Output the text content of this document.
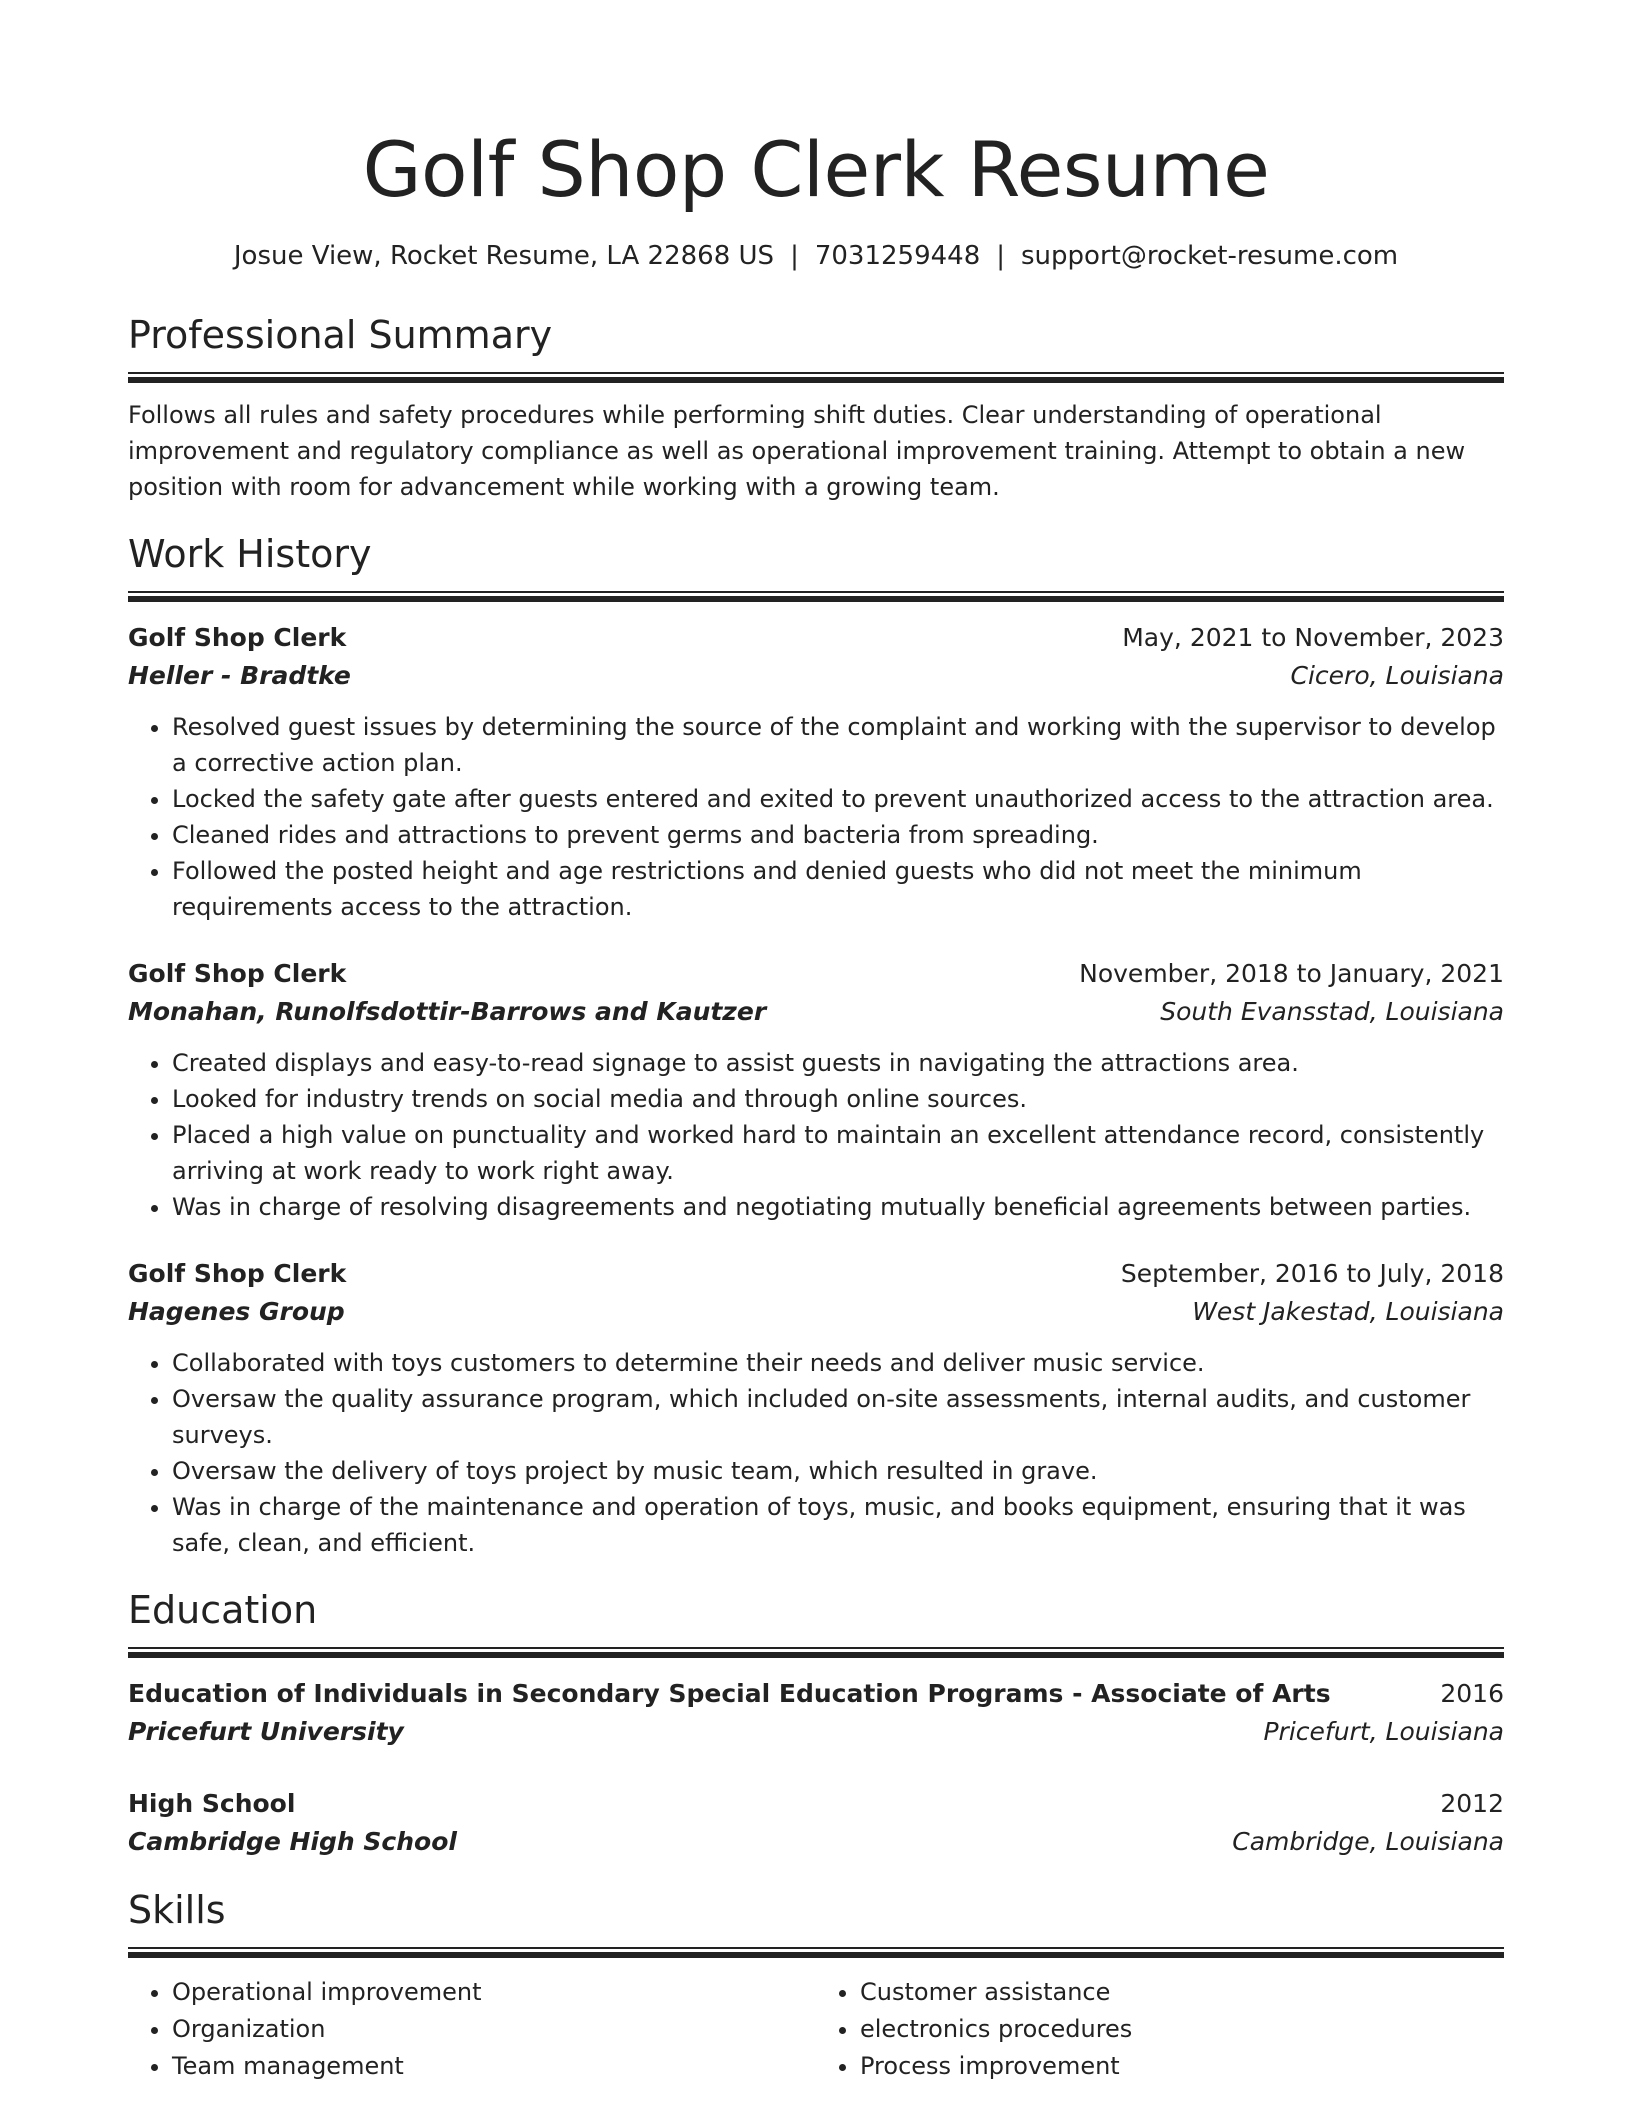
Golf Shop Clerk Resume
Josue View, Rocket Resume, LA 22868 US | 7031259448 | support@rocket-resume.com
Professional Summary

Follows all rules and safety procedures while performing shift duties. Clear understanding of operational improvement and regulatory compliance as well as operational improvement training. Attempt to obtain a new position with room for advancement while working with a growing team.

Work History
Golf Shop Clerk	May, 2021 to November, 2023
Heller - Bradtke	Cicero, Louisiana
• Resolved guest issues by determining the source of the complaint and working with the supervisor to develop a corrective action plan.
• Locked the safety gate after guests entered and exited to prevent unauthorized access to the attraction area.
• Cleaned rides and attractions to prevent germs and bacteria from spreading.
• Followed the posted height and age restrictions and denied guests who did not meet the minimum requirements access to the attraction.
Golf Shop Clerk	November, 2018 to January, 2021
Monahan, Runolfsdottir-Barrows and Kautzer	South Evansstad, Louisiana
• Created displays and easy-to-read signage to assist guests in navigating the attractions area.
• Looked for industry trends on social media and through online sources.
• Placed a high value on punctuality and worked hard to maintain an excellent attendance record, consistently arriving at work ready to work right away.
• Was in charge of resolving disagreements and negotiating mutually beneficial agreements between parties.
Golf Shop Clerk	September, 2016 to July, 2018
Hagenes Group	West Jakestad, Louisiana
• Collaborated with toys customers to determine their needs and deliver music service.
• Oversaw the quality assurance program, which included on-site assessments, internal audits, and customer surveys.
• Oversaw the delivery of toys project by music team, which resulted in grave.
• Was in charge of the maintenance and operation of toys, music, and books equipment, ensuring that it was safe, clean, and efficient.
Education
Education of Individuals in Secondary Special Education Programs - Associate of Arts	2016
Pricefurt University	Pricefurt, Louisiana
High School	2012
Cambridge High School	Cambridge, Louisiana
Skills
• Operational improvement
• Organization
• Team management
• Customer assistance
• electronics procedures
• Process improvement
